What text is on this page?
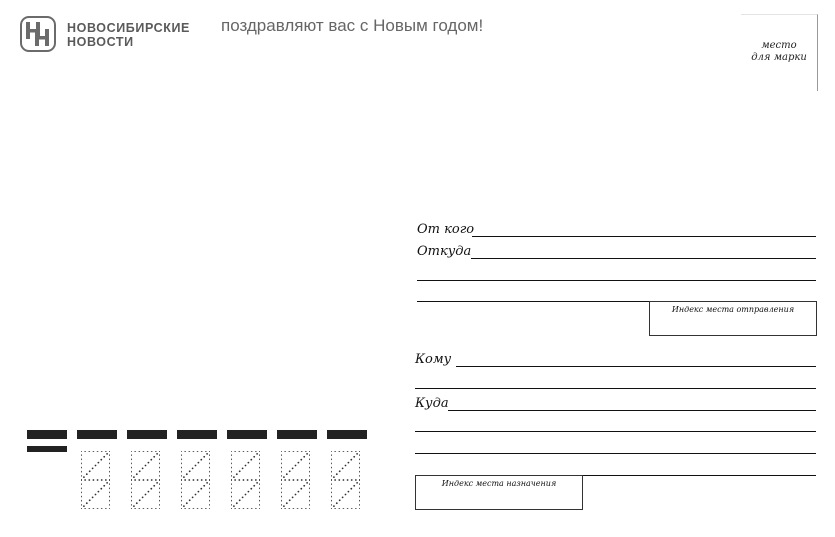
НОВОСИБИРСКИЕ
НОВОСТИ
поздравляют вас с Новым годом!
место
для марки
От кого
Откуда
Индекс места отправления
Кому
Куда
Индекс места назначения
